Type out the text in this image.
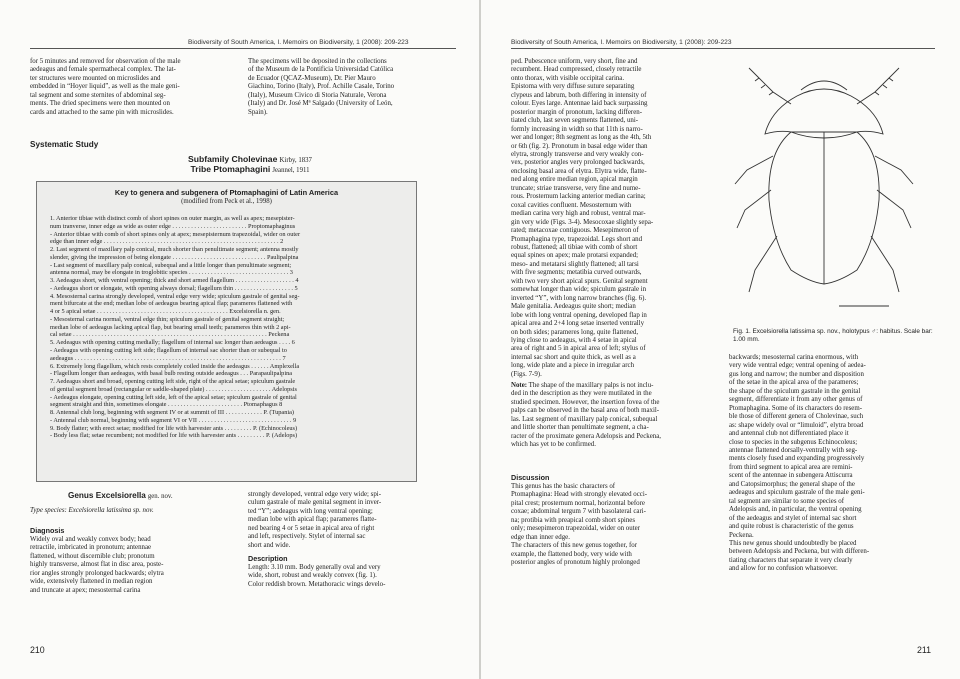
Biodiversity of South America, I. Memoirs on Biodiversity, 1 (2008): 209-223
for 5 minutes and removed for observation of the male
aedeagus and female spermathecal complex. The lat-
ter structures were mounted on microslides and
embedded in “Hoyer liquid”, as well as the male geni-
tal segment and some sternites of abdominal seg-
ments. The dried specimens were then mounted on
cards and attached to the same pin with microslides.
The specimens will be deposited in the collections
of the Museum de la Pontificia Universidad Católica
de Ecuador (QCAZ-Museum), Dr. Pier Mauro
Giachino, Torino (Italy), Prof. Achille Casale, Torino
(Italy), Museum Civico di Storia Naturale, Verona
(Italy) and Dr. José Mª Salgado (University of León,
Spain).
Systematic Study
Subfamily Cholevinae Kirby, 1837
Tribe Ptomaphagini Jeannel, 1911
Key to genera and subgenera of Ptomaphagini of Latin America
(modified from Peck et al., 1998)
1. Anterior tibiae with distinct comb of short spines on outer margin, as well as apex; mesepister-
num tranverse, inner edge as wide as outer edge . . . . . . . . . . . . . . . . . . . . . . . . Proptomaphaginus
- Anterior tibiae with comb of short spines only at apex; mesepisternum trapezoidal, wider on outer
edge than inner edge . . . . . . . . . . . . . . . . . . . . . . . . . . . . . . . . . . . . . . . . . . . . . . . . . . . . . . . . 2
2. Last segment of maxillary palp conical, much shorter than penultimate segment; antenna mostly
slender, giving the impression of being elongate . . . . . . . . . . . . . . . . . . . . . . . . . . . . . . Paulipalpina
- Last segment of maxillary palp conical, subequal and a little longer than penultimate segment;
antenna normal, may be elongate in troglobitic species . . . . . . . . . . . . . . . . . . . . . . . . . . . . . . . . 3
3. Aedeagus short, with ventral opening; thick and short armed flagellum . . . . . . . . . . . . . . . . . . . 4
- Aedeagus short or elongate, with opening always dorsal; flagellum thin . . . . . . . . . . . . . . . . . . . 5
4. Mesosternal carina strongly developed, ventral edge very wide; spiculum gastrale of genital seg-
ment bifurcate at the end; median lobe of aedeagus bearing apical flap; parameres flattened with
4 or 5 apical setae . . . . . . . . . . . . . . . . . . . . . . . . . . . . . . . . . . . . . . . . . . Excelsiorella n. gen.
- Mesosternal carina normal, ventral edge thin; spiculum gastrale of genital segment straight;
median lobe of aedeagus lacking apical flap, but bearing small teeth; parameres thin with 2 api-
cal setae . . . . . . . . . . . . . . . . . . . . . . . . . . . . . . . . . . . . . . . . . . . . . . . . . . . . . . . . . . . . . . Peckena
5. Aedeagus with opening cutting medially; flagellum of internal sac longer than aedeagus . . . . 6
- Aedeagus with opening cutting left side; flagellum of internal sac shorter than or subequal to
aedeagus . . . . . . . . . . . . . . . . . . . . . . . . . . . . . . . . . . . . . . . . . . . . . . . . . . . . . . . . . . . . . . . . . . 7
6. Extremely long flagellum, which rests completely coiled inside the aedeagus . . . . . . Amplexella
- Flagellum longer than aedeagus, with basal bulb resting outside aedeagus . . . Parapaulipalpina
7. Aedeagus short and broad, opening cutting left side, right of the apical setae; spiculum gastrale
of genital segment broad (rectangular or saddle-shaped plate) . . . . . . . . . . . . . . . . . . . . . Adelopsis
- Aedeagus elongate, opening cutting left side, left of the apical setae; spiculum gastrale of genital
segment straight and thin, sometimes elongate . . . . . . . . . . . . . . . . . . . . . . . . Ptomaphagus 8
8. Antennal club long, beginning with segment IV or at summit of III . . . . . . . . . . . . P. (Tupania)
- Antennal club normal, beginning with segment VI or VII . . . . . . . . . . . . . . . . . . . . . . . . . . . . . . 9
9. Body flatter; with erect setae; modified for life with harvester ants . . . . . . . . . P. (Echinocoleus)
- Body less flat; setae recumbent; not modified for life with harvester ants . . . . . . . . . P. (Adelops)
Genus Excelsiorella gen. nov.
Type species: Excelsiorella latissima sp. nov.
Diagnosis
Widely oval and weakly convex body; head
retractile, imbricated in pronotum; antennae
flattened, without discernible club; pronotum
highly transverse, almost flat in disc area, poste-
rior angles strongly prolonged backwards; elytra
wide, extensively flattened in median region
and truncate at apex; mesosternal carina
strongly developed, ventral edge very wide; spi-
culum gastrale of male genital segment in inver-
ted “Y”; aedeagus with long ventral opening;
median lobe with apical flap; parameres flatte-
ned bearing 4 or 5 setae in apical area of right
and left, respectively. Stylet of internal sac
short and wide.
Description
Length: 3.10 mm. Body generally oval and very
wide, short, robust and weakly convex (fig. 1).
Color reddish brown. Metathoracic wings develo-
210
Biodiversity of South America, I. Memoirs on Biodiversity, 1 (2008): 209-223
ped. Pubescence uniform, very short, fine and
recumbent. Head compressed, closely retractile
onto thorax, with visible occipital carina.
Epistoma with very diffuse suture separating
clypeus and labrum, both differing in intensity of
colour. Eyes large. Antennae laid back surpassing
posterior margin of pronotum, lacking differen-
tiated club, last seven segments flattened, uni-
formly increasing in width so that 11th is narro-
wer and longer; 8th segment as long as the 4th, 5th
or 6th (fig. 2). Pronotum in basal edge wider than
elytra, strongly transverse and very weakly con-
vex, posterior angles very prolonged backwards,
enclosing basal area of elytra. Elytra wide, flatte-
ned along entire median region, apical margin
truncate; striae transverse, very fine and nume-
rous. Prosternum lacking anterior median carina;
coxal cavities confluent. Mesosternum with
median carina very high and robust, ventral mar-
gin very wide (Figs. 3-4). Mesocoxae slightly sepa-
rated; metacoxae contiguous. Mesepimeron of
Ptomaphagina type, trapezoidal. Legs short and
robust, flattened; all tibiae with comb of short
equal spines on apex; male protarsi expanded;
meso- and metatarsi slightly flattened; all tarsi
with five segments; metatibia curved outwards,
with two very short apical spurs. Genital segment
somewhat longer than wide; spiculum gastrale in
inverted “Y”, with long narrow branches (fig. 6).
Male genitalia. Aedeagus quite short; median
lobe with long ventral opening, developed flap in
apical area and 2+4 long setae inserted ventrally
on both sides; parameres long, quite flattened,
lying close to aedeagus, with 4 setae in apical
area of right and 5 in apical area of left; stylus of
internal sac short and quite thick, as well as a
long, wide plate and a piece in irregular arch
(Figs. 7-9).

Note: The shape of the maxillary palps is not inclu-

ded in the description as they were mutilated in the
studied specimen. However, the insertion fovea of the
palps can be observed in the basal area of both maxil-
las. Last segment of maxillary palp conical, subequal
and little shorter than penultimate segment, a cha-
racter of the proximate genera Adelopsis and Peckena,
which has yet to be confirmed.
Discussion
This genus has the basic characters of
Ptomaphagina: Head with strongly elevated occi-
pital crest; prosternum normal, horizontal before
coxae; abdominal tergum 7 with basolateral cari-
na; protibia with preapical comb short spines
only; mesepimeron trapezoidal, wider on outer
edge than inner edge.
The characters of this new genus together, for
example, the flattened body, very wide with
posterior angles of pronotum highly prolonged
Fig. 1. Excelsiorella latissima sp. nov., holotypus ♂: habitus. Scale bar: 1.00 mm.
backwards; mesosternal carina enormous, with
very wide ventral edge; ventral opening of aedea-
gus long and narrow; the number and disposition
of the setae in the apical area of the parameres;
the shape of the spiculum gastrale in the genital
segment, differentiate it from any other genus of
Ptomaphagina. Some of its characters do resem-
ble those of different genera of Cholevinae, such
as: shape widely oval or “limuloid”, elytra broad
and antennal club not differentiated place it
close to species in the subgenus Echinocoleus;
antennae flattened dorsally-ventrally with seg-
ments closely fused and expanding progressively
from third segment to apical area are remini-
scent of the antennae in subengera Attiscurra
and Catopsimorphus; the general shape of the
aedeagus and spiculum gastrale of the male geni-
tal segment are similar to some species of
Adelopsis and, in particular, the ventral opening
of the aedeagus and stylet of internal sac short
and quite robust is characteristic of the genus
Peckena.
This new genus should undoubtedly be placed
between Adelopsis and Peckena, but with differen-
tiating characters that separate it very clearly
and allow for no confusion whatsoever.
211
